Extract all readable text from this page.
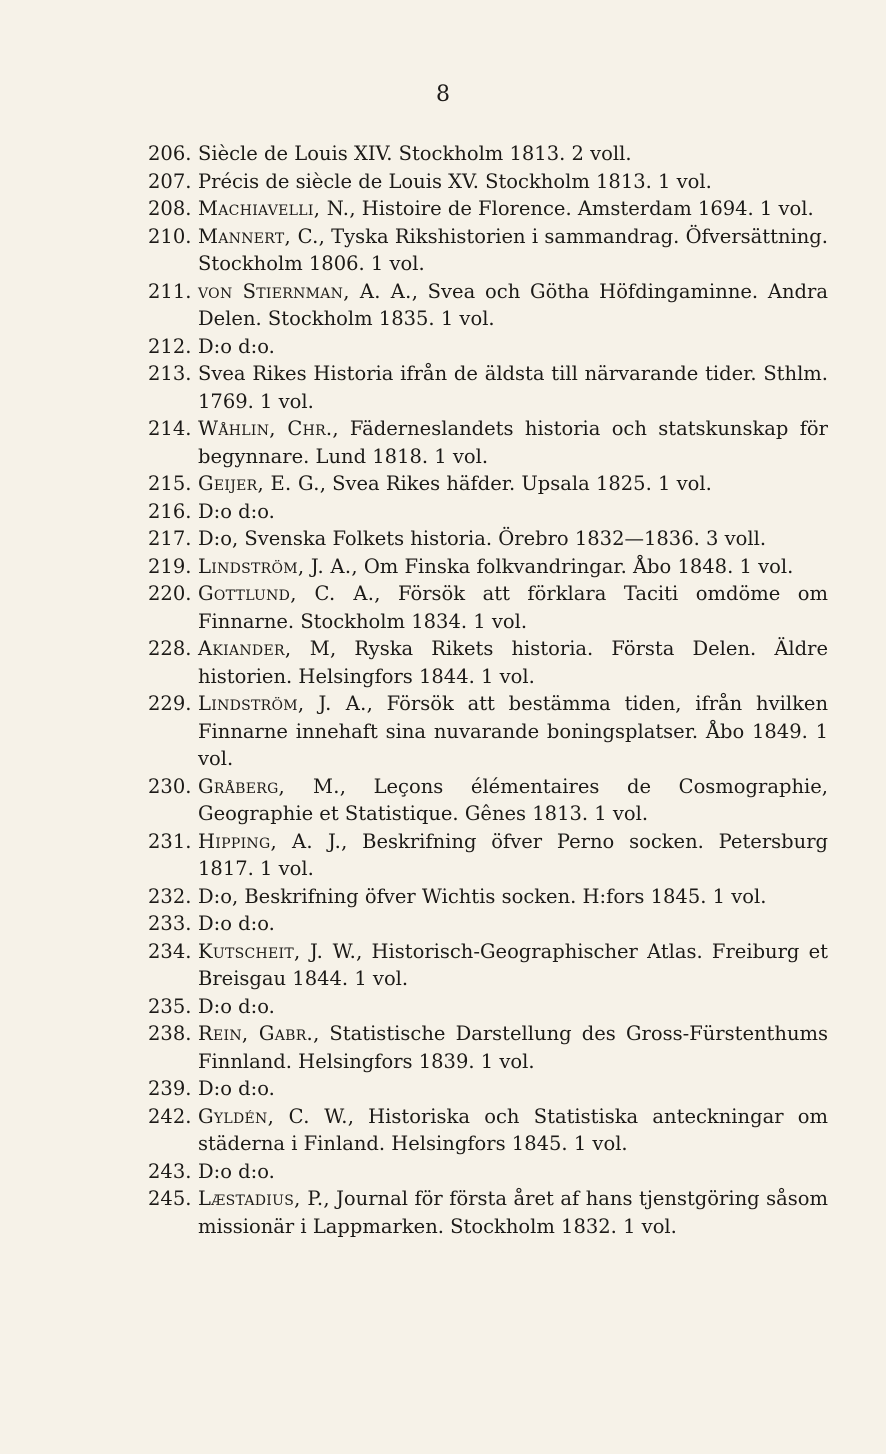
8
206. Siècle de Louis XIV. Stockholm 1813. 2 voll.
207. Précis de siècle de Louis XV. Stockholm 1813. 1 vol.
208. Machiavelli, N., Histoire de Florence. Amsterdam 1694. 1 vol.
210. Mannert, C., Tyska Rikshistorien i sammandrag. Öfversättning. Stockholm 1806. 1 vol.
211. von Stiernman, A. A., Svea och Götha Höfdingaminne. Andra Delen. Stockholm 1835. 1 vol.
212. D:o d:o.
213. Svea Rikes Historia ifrån de äldsta till närvarande tider. Sthlm. 1769. 1 vol.
214. Wåhlin, Chr., Fäderneslandets historia och statskunskap för begynnare. Lund 1818. 1 vol.
215. Geijer, E. G., Svea Rikes häfder. Upsala 1825. 1 vol.
216. D:o d:o.
217. D:o, Svenska Folkets historia. Örebro 1832—1836. 3 voll.
219. Lindström, J. A., Om Finska folkvandringar. Åbo 1848. 1 vol.
220. Gottlund, C. A., Försök att förklara Taciti omdöme om Finnarne. Stockholm 1834. 1 vol.
228. Akiander, M, Ryska Rikets historia. Första Delen. Äldre historien. Helsingfors 1844. 1 vol.
229. Lindström, J. A., Försök att bestämma tiden, ifrån hvilken Finnarne innehaft sina nuvarande boningsplatser. Åbo 1849. 1 vol.
230. Gråberg, M., Leçons élémentaires de Cosmographie, Geographie et Statistique. Gênes 1813. 1 vol.
231. Hipping, A. J., Beskrifning öfver Perno socken. Petersburg 1817. 1 vol.
232. D:o, Beskrifning öfver Wichtis socken. H:fors 1845. 1 vol.
233. D:o d:o.
234. Kutscheit, J. W., Historisch-Geographischer Atlas. Freiburg et Breisgau 1844. 1 vol.
235. D:o d:o.
238. Rein, Gabr., Statistische Darstellung des Gross-Fürstenthums Finnland. Helsingfors 1839. 1 vol.
239. D:o d:o.
242. Gyldén, C. W., Historiska och Statistiska anteckningar om städerna i Finland. Helsingfors 1845. 1 vol.
243. D:o d:o.
245. Læstadius, P., Journal för första året af hans tjenstgöring såsom missionär i Lappmarken. Stockholm 1832. 1 vol.
